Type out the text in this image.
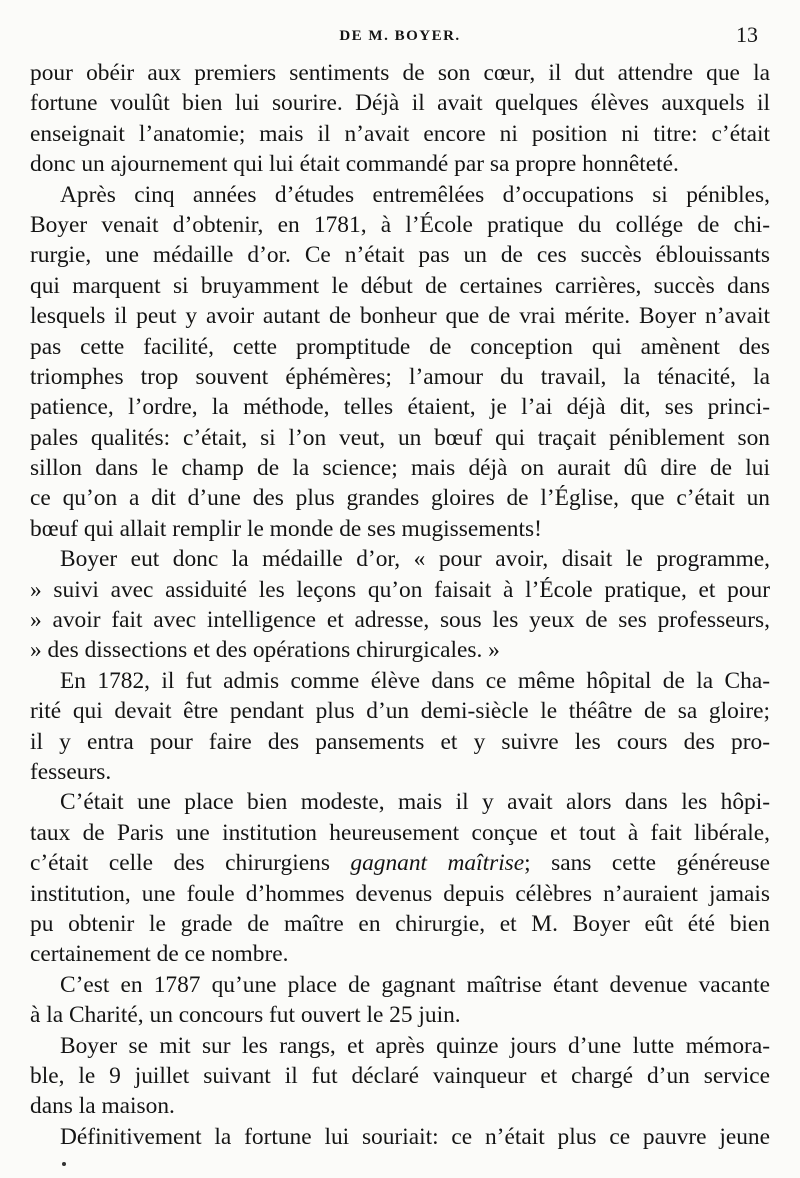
DE M. BOYER.	13
pour obéir aux premiers sentiments de son cœur, il dut attendre que la
fortune voulût bien lui sourire. Déjà il avait quelques élèves auxquels il
enseignait l’anatomie; mais il n’avait encore ni position ni titre: c’était
donc un ajournement qui lui était commandé par sa propre honnêteté.
Après cinq années d’études entremêlées d’occupations si pénibles,
Boyer venait d’obtenir, en 1781, à l’École pratique du collége de chi-
rurgie, une médaille d’or. Ce n’était pas un de ces succès éblouissants
qui marquent si bruyamment le début de certaines carrières, succès dans
lesquels il peut y avoir autant de bonheur que de vrai mérite. Boyer n’avait
pas cette facilité, cette promptitude de conception qui amènent des
triomphes trop souvent éphémères; l’amour du travail, la ténacité, la
patience, l’ordre, la méthode, telles étaient, je l’ai déjà dit, ses princi-
pales qualités: c’était, si l’on veut, un bœuf qui traçait péniblement son
sillon dans le champ de la science; mais déjà on aurait dû dire de lui
ce qu’on a dit d’une des plus grandes gloires de l’Église, que c’était un
bœuf qui allait remplir le monde de ses mugissements!
Boyer eut donc la médaille d’or, « pour avoir, disait le programme,
» suivi avec assiduité les leçons qu’on faisait à l’École pratique, et pour
» avoir fait avec intelligence et adresse, sous les yeux de ses professeurs,
» des dissections et des opérations chirurgicales. »
En 1782, il fut admis comme élève dans ce même hôpital de la Cha-
rité qui devait être pendant plus d’un demi-siècle le théâtre de sa gloire;
il y entra pour faire des pansements et y suivre les cours des pro-
fesseurs.
C’était une place bien modeste, mais il y avait alors dans les hôpi-
taux de Paris une institution heureusement conçue et tout à fait libérale,
c’était celle des chirurgiens gagnant maîtrise; sans cette généreuse
institution, une foule d’hommes devenus depuis célèbres n’auraient jamais
pu obtenir le grade de maître en chirurgie, et M. Boyer eût été bien
certainement de ce nombre.
C’est en 1787 qu’une place de gagnant maîtrise étant devenue vacante
à la Charité, un concours fut ouvert le 25 juin.
Boyer se mit sur les rangs, et après quinze jours d’une lutte mémora-
ble, le 9 juillet suivant il fut déclaré vainqueur et chargé d’un service
dans la maison.
Définitivement la fortune lui souriait: ce n’était plus ce pauvre jeune
